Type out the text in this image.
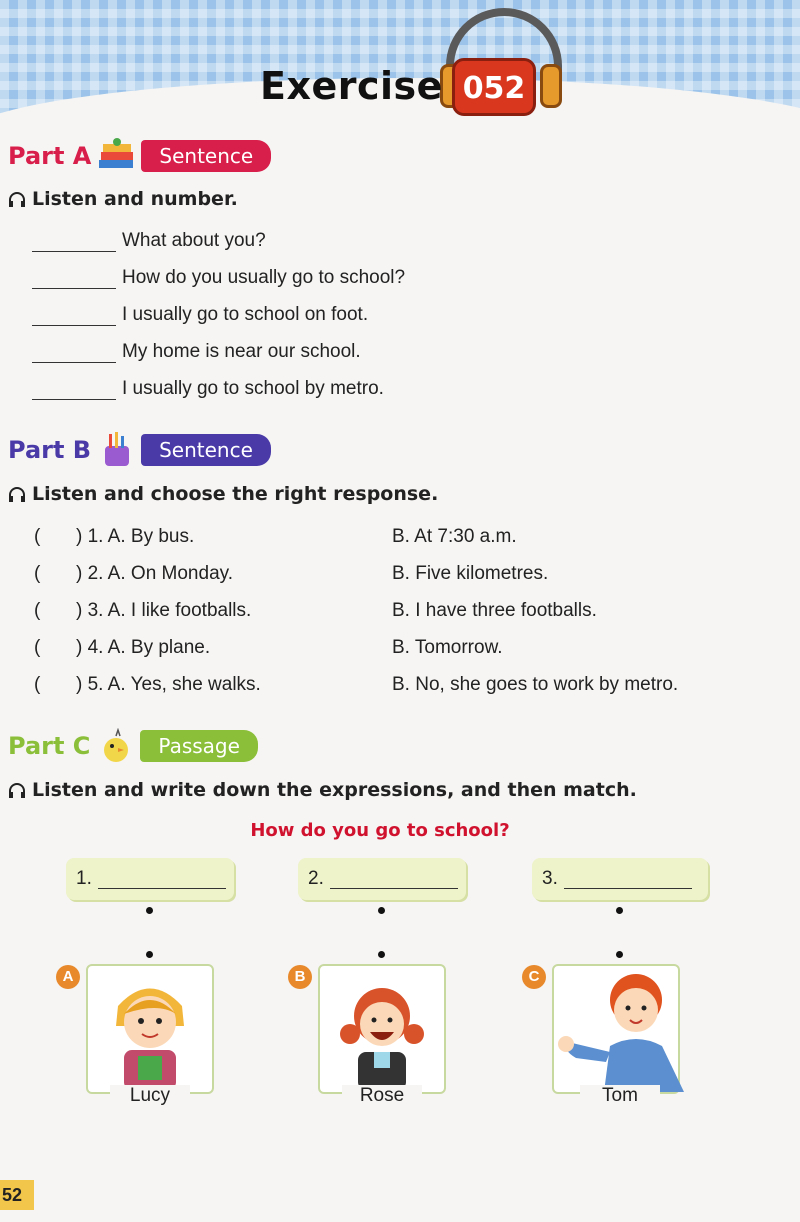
Exercise 052
Part A	Sentence
Listen and number.
What about you?
How do you usually go to school?
I usually go to school on foot.
My home is near our school.
I usually go to school by metro.
Part B	Sentence
Listen and choose the right response.
( ) 1. A. By bus.	B. At 7:30 a.m.
( ) 2. A. On Monday.	B. Five kilometres.
( ) 3. A. I like footballs.	B. I have three footballs.
( ) 4. A. By plane.	B. Tomorrow.
( ) 5. A. Yes, she walks.	B. No, she goes to work by metro.
Part C	Passage
Listen and write down the expressions, and then match.
How do you go to school?
1.	2.	3.
A
Lucy
B
Rose
C
Tom
52
